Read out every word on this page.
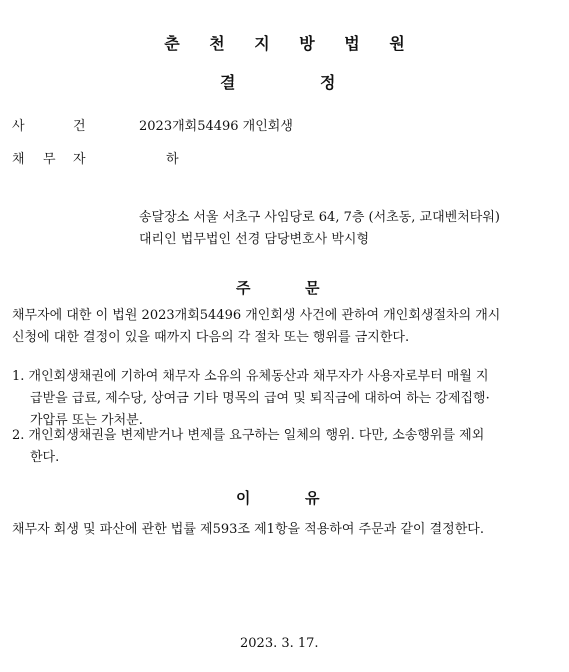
춘 천 지 방 법 원
결	정
사	건	2023개회54496 개인회생
채 무 자	하
송달장소 서울 서초구 사임당로 64, 7층 (서초동, 교대벤처타워)
대리인 법무법인 선경 담당변호사 박시형
주	문
채무자에 대한 이 법원 2023개회54496 개인회생 사건에 관하여 개인회생절차의 개시
신청에 대한 결정이 있을 때까지 다음의 각 절차 또는 행위를 금지한다.
1. 개인회생채권에 기하여 채무자 소유의 유체동산과 채무자가 사용자로부터 매월 지
급받을 급료, 제수당, 상여금 기타 명목의 급여 및 퇴직금에 대하여 하는 강제집행·
가압류 또는 가처분.
2. 개인회생채권을 변제받거나 변제를 요구하는 일체의 행위. 다만, 소송행위를 제외
한다.
이	유
채무자 회생 및 파산에 관한 법률 제593조 제1항을 적용하여 주문과 같이 결정한다.
2023. 3. 17.
